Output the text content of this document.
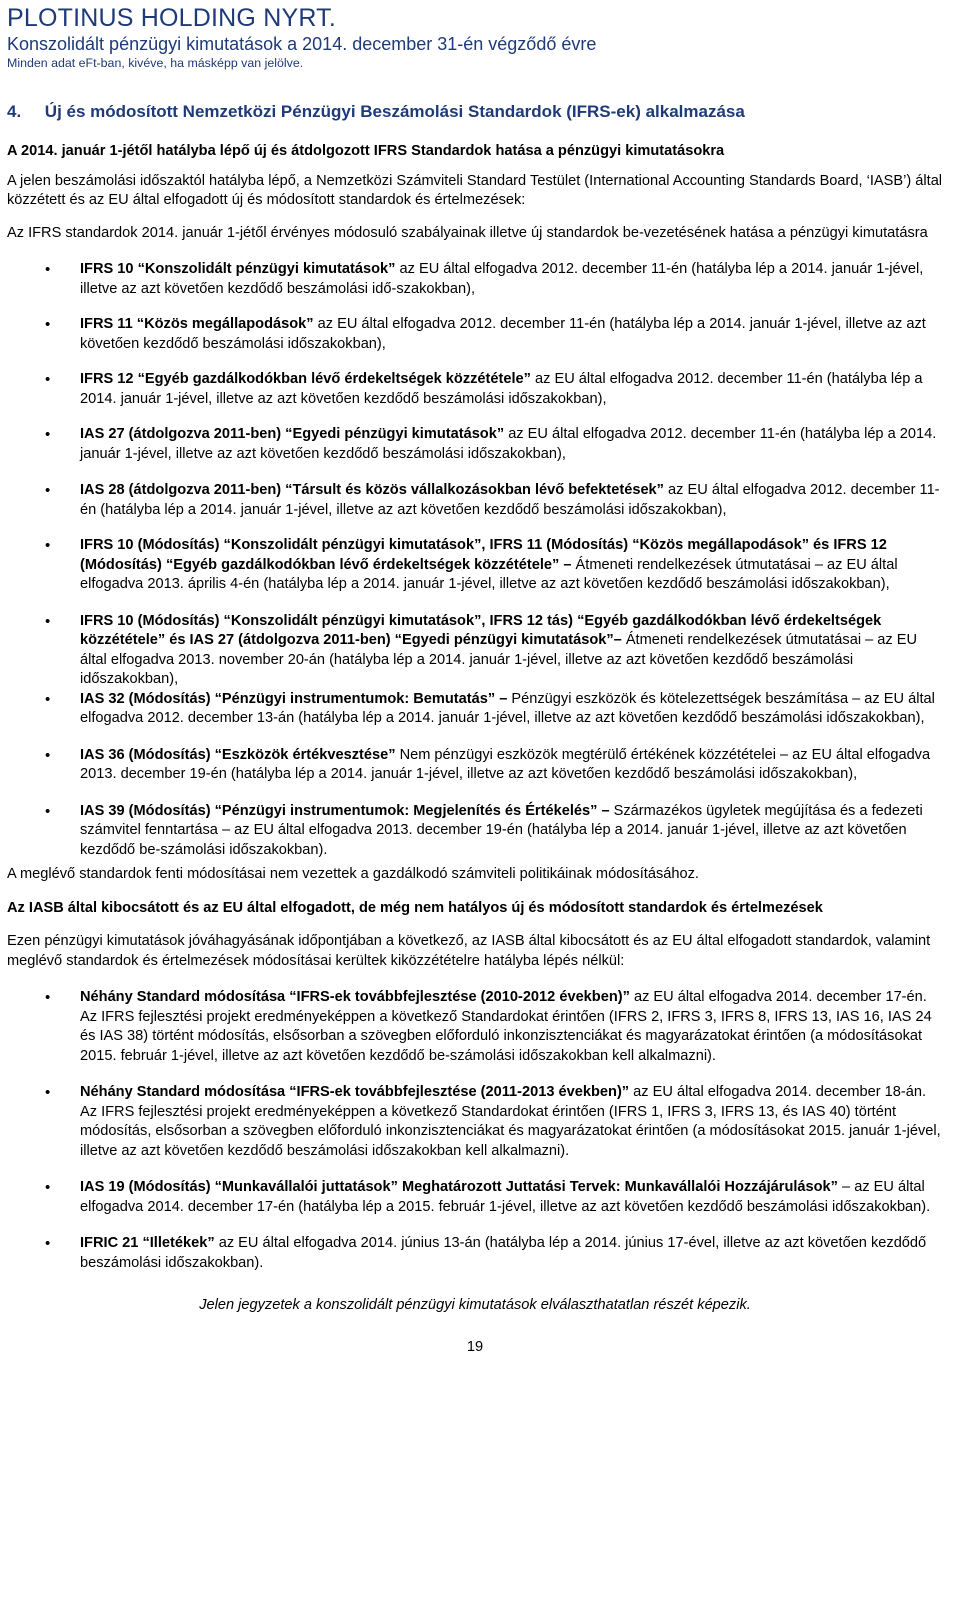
PLOTINUS HOLDING NYRT.
Konszolidált pénzügyi kimutatások a 2014. december 31-én végződő évre
Minden adat eFt-ban, kivéve, ha másképp van jelölve.
4.     Új és módosított Nemzetközi Pénzügyi Beszámolási Standardok (IFRS-ek) alkalmazása

A 2014. január 1-jétől hatályba lépő új és átdolgozott IFRS Standardok hatása a pénzügyi kimutatásokra

A jelen beszámolási időszaktól hatályba lépő, a Nemzetközi Számviteli Standard Testület (International Accounting Standards Board, ‘IASB’) által közzétett és az EU által elfogadott új és módosított standardok és értelmezések:

Az IFRS standardok 2014. január 1-jétől érvényes módosuló szabályainak illetve új standardok be-vezetésének hatása a pénzügyi kimutatásra

• IFRS 10 “Konszolidált pénzügyi kimutatások” az EU által elfogadva 2012. december 11-én (hatályba lép a 2014. január 1-jével, illetve az azt követően kezdődő beszámolási idő-szakokban),
• IFRS 11 “Közös megállapodások” az EU által elfogadva 2012. december 11-én (hatályba lép a 2014. január 1-jével, illetve az azt követően kezdődő beszámolási időszakokban),
• IFRS 12 “Egyéb gazdálkodókban lévő érdekeltségek közzététele” az EU által elfogadva 2012. december 11-én (hatályba lép a 2014. január 1-jével, illetve az azt követően kezdődő beszámolási időszakokban),
• IAS 27 (átdolgozva 2011-ben) “Egyedi pénzügyi kimutatások” az EU által elfogadva 2012. december 11-én (hatályba lép a 2014. január 1-jével, illetve az azt követően kezdődő beszámolási időszakokban),
• IAS 28 (átdolgozva 2011-ben) “Társult és közös vállalkozásokban lévő befektetések” az EU által elfogadva 2012. december 11-én (hatályba lép a 2014. január 1-jével, illetve az azt követően kezdődő beszámolási időszakokban),
• IFRS 10 (Módosítás) “Konszolidált pénzügyi kimutatások”, IFRS 11 (Módosítás) “Közös megállapodások” és IFRS 12 (Módosítás) “Egyéb gazdálkodókban lévő érdekeltségek közzététele” – Átmeneti rendelkezések útmutatásai – az EU által elfogadva 2013. április 4-én (hatályba lép a 2014. január 1-jével, illetve az azt követően kezdődő beszámolási időszakokban),
• IFRS 10 (Módosítás) “Konszolidált pénzügyi kimutatások”, IFRS 12 tás) “Egyéb gazdálkodókban lévő érdekeltségek közzététele” és IAS 27 (átdolgozva 2011-ben) “Egyedi pénzügyi kimutatások”– Átmeneti rendelkezések útmutatásai – az EU által elfogadva 2013. november 20-án (hatályba lép a 2014. január 1-jével, illetve az azt követően kezdődő beszámolási időszakokban),
• IAS 32 (Módosítás) “Pénzügyi instrumentumok: Bemutatás” – Pénzügyi eszközök és kötelezettségek beszámítása – az EU által elfogadva 2012. december 13-án (hatályba lép a 2014. január 1-jével, illetve az azt követően kezdődő beszámolási időszakokban),
• IAS 36 (Módosítás) “Eszközök értékvesztése” Nem pénzügyi eszközök megtérülő értékének közzétételei – az EU által elfogadva 2013. december 19-én (hatályba lép a 2014. január 1-jével, illetve az azt követően kezdődő beszámolási időszakokban),
• IAS 39 (Módosítás) “Pénzügyi instrumentumok: Megjelenítés és Értékelés” – Származékos ügyletek megújítása és a fedezeti számvitel fenntartása – az EU által elfogadva 2013. december 19-én (hatályba lép a 2014. január 1-jével, illetve az azt követően kezdődő be-számolási időszakokban).

A meglévő standardok fenti módosításai nem vezettek a gazdálkodó számviteli politikáinak módosításához.

Az IASB által kibocsátott és az EU által elfogadott, de még nem hatályos új és módosított standardok és értelmezések

Ezen pénzügyi kimutatások jóváhagyásának időpontjában a következő, az IASB által kibocsátott és az EU által elfogadott standardok, valamint meglévő standardok és értelmezések módosításai kerültek kiközzétételre hatályba lépés nélkül:

• Néhány Standard módosítása “IFRS-ek továbbfejlesztése (2010-2012 években)” az EU által elfogadva 2014. december 17-én. Az IFRS fejlesztési projekt eredményeképpen a következő Standardokat érintően (IFRS 2, IFRS 3, IFRS 8, IFRS 13, IAS 16, IAS 24 és IAS 38) történt módosítás, elsősorban a szövegben előforduló inkonzisztenciákat és magyarázatokat érintően (a módosításokat 2015. február 1-jével, illetve az azt követően kezdődő be-számolási időszakokban kell alkalmazni).
• Néhány Standard módosítása “IFRS-ek továbbfejlesztése (2011-2013 években)” az EU által elfogadva 2014. december 18-án. Az IFRS fejlesztési projekt eredményeképpen a következő Standardokat érintően (IFRS 1, IFRS 3, IFRS 13, és IAS 40) történt módosítás, elsősorban a szövegben előforduló inkonzisztenciákat és magyarázatokat érintően (a módosításokat 2015. január 1-jével, illetve az azt követően kezdődő beszámolási időszakokban kell alkalmazni).
• IAS 19 (Módosítás) “Munkavállalói juttatások” Meghatározott Juttatási Tervek: Munkavállalói Hozzájárulások” – az EU által elfogadva 2014. december 17-én (hatályba lép a 2015. február 1-jével, illetve az azt követően kezdődő beszámolási időszakokban).
• IFRIC 21 “Illetékek” az EU által elfogadva 2014. június 13-án (hatályba lép a 2014. június 17-ével, illetve az azt követően kezdődő beszámolási időszakokban).

Jelen jegyzetek a konszolidált pénzügyi kimutatások elválaszthatatlan részét képezik.

19
